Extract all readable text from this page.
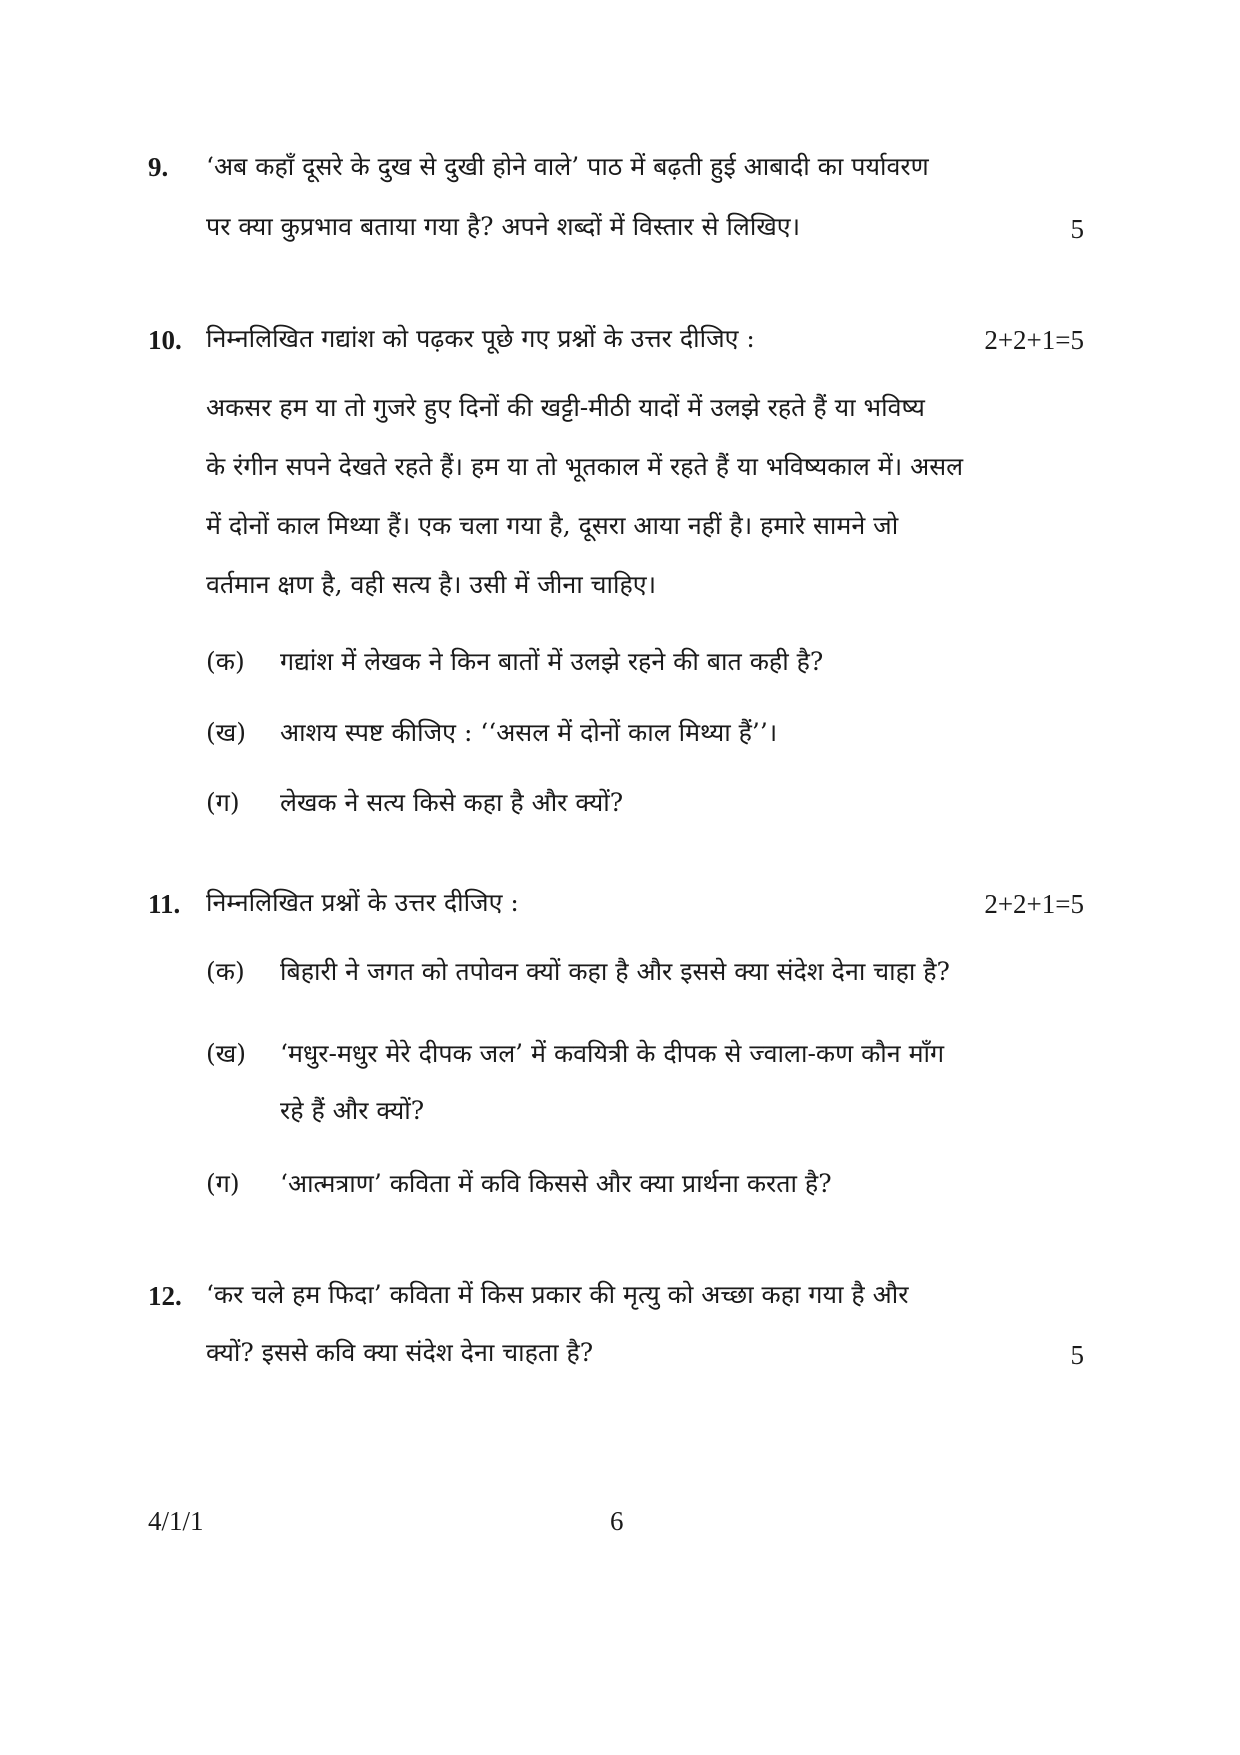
9. ‘अब कहाँ दूसरे के दुख से दुखी होने वाले’ पाठ में बढ़ती हुई आबादी का पर्यावरण
पर क्या कुप्रभाव बताया गया है? अपने शब्दों में विस्तार से लिखिए।	5
10. निम्नलिखित गद्यांश को पढ़कर पूछे गए प्रश्नों के उत्तर दीजिए :	2+2+1=5
अकसर हम या तो गुजरे हुए दिनों की खट्टी-मीठी यादों में उलझे रहते हैं या भविष्य
के रंगीन सपने देखते रहते हैं। हम या तो भूतकाल में रहते हैं या भविष्यकाल में। असल
में दोनों काल मिथ्या हैं। एक चला गया है, दूसरा आया नहीं है। हमारे सामने जो
वर्तमान क्षण है, वही सत्य है। उसी में जीना चाहिए।
(क) गद्यांश में लेखक ने किन बातों में उलझे रहने की बात कही है?
(ख) आशय स्पष्ट कीजिए : ‘‘असल में दोनों काल मिथ्या हैं’’।
(ग) लेखक ने सत्य किसे कहा है और क्यों?
11. निम्नलिखित प्रश्नों के उत्तर दीजिए :	2+2+1=5
(क) बिहारी ने जगत को तपोवन क्यों कहा है और इससे क्या संदेश देना चाहा है?
(ख) ‘मधुर-मधुर मेरे दीपक जल’ में कवयित्री के दीपक से ज्वाला-कण कौन माँग
रहे हैं और क्यों?
(ग) ‘आत्मत्राण’ कविता में कवि किससे और क्या प्रार्थना करता है?
12. ‘कर चले हम फिदा’ कविता में किस प्रकार की मृत्यु को अच्छा कहा गया है और
क्यों? इससे कवि क्या संदेश देना चाहता है?	5
4/1/1	6
